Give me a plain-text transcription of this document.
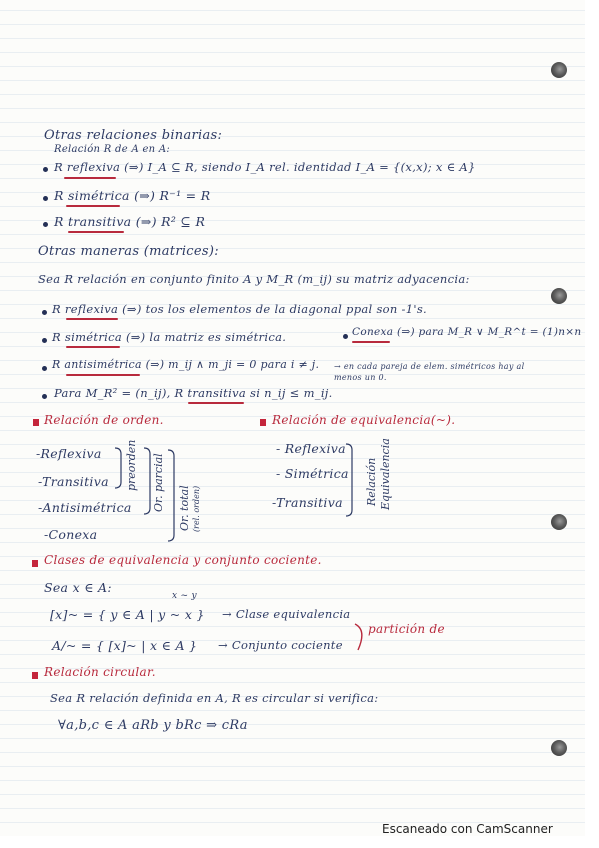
Otras relaciones binarias:
Relación R de A en A:
R reflexiva (⇒) I_A ⊆ R, siendo I_A rel. identidad I_A = {(x,x); x ∈ A}
R simétrica (⇒) R⁻¹ = R
R transitiva (⇒) R² ⊆ R
Otras maneras (matrices):
Sea R relación en conjunto finito A y M_R (m_ij) su matriz adyacencia:
R reflexiva (⇒) tos los elementos de la diagonal ppal son -1's.
R simétrica (⇒) la matriz es simétrica.	Conexa (⇒) para M_R ∨ M_R^t = (1)n×n
R antisimétrica (⇒) m_ij ∧ m_ji = 0 para i ≠ j. → en cada pareja de elem. simétricos hay al menos un 0.
Para M_R² = (n_ij), R transitiva si n_ij ≤ m_ij.
Relación de orden.
-Reflexiva
-Transitiva
-Antisimétrica
-Conexa
preorden Or. parcial Or. total (rel. orden)
Relación de equivalencia(~).
- Reflexiva
- Simétrica
-Transitiva Relación Equivalencia
Clases de equivalencia y conjunto cociente.
Sea x ∈ A:
x ~ y
[x]~ = { y ∈ A | y ~ x } → Clase equivalencia
A/~ = { [x]~ | x ∈ A } → Conjunto cociente
partición de
Relación circular.
Sea R relación definida en A, R es circular si verifica:
∀a,b,c ∈ A aRb y bRc ⇒ cRa
Escaneado con CamScanner
